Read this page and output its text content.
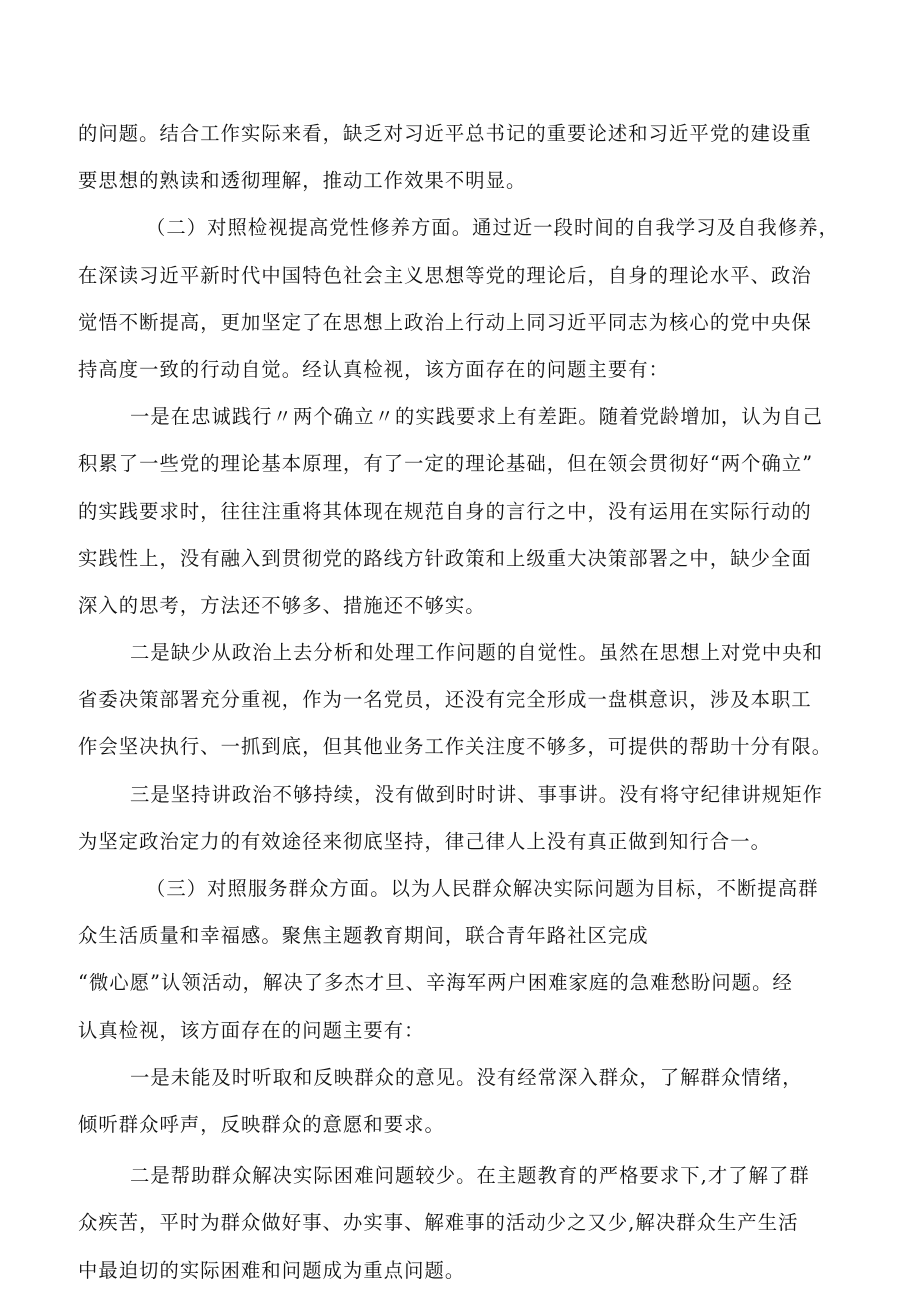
的问题。结合工作实际来看，缺乏对习近平总书记的重要论述和习近平党的建设重
要思想的熟读和透彻理解，推动工作效果不明显。
（二）对照检视提高党性修养方面。通过近一段时间的自我学习及自我修养，
在深读习近平新时代中国特色社会主义思想等党的理论后，自身的理论水平、政治
觉悟不断提高，更加坚定了在思想上政治上行动上同习近平同志为核心的党中央保
持高度一致的行动自觉。经认真检视，该方面存在的问题主要有：
一是在忠诚践行〃两个确立〃的实践要求上有差距。随着党龄增加，认为自己
积累了一些党的理论基本原理，有了一定的理论基础，但在领会贯彻好“两个确立”
的实践要求时，往往注重将其体现在规范自身的言行之中，没有运用在实际行动的
实践性上，没有融入到贯彻党的路线方针政策和上级重大决策部署之中，缺少全面
深入的思考，方法还不够多、措施还不够实。
二是缺少从政治上去分析和处理工作问题的自觉性。虽然在思想上对党中央和
省委决策部署充分重视，作为一名党员，还没有完全形成一盘棋意识，涉及本职工
作会坚决执行、一抓到底，但其他业务工作关注度不够多，可提供的帮助十分有限。
三是坚持讲政治不够持续，没有做到时时讲、事事讲。没有将守纪律讲规矩作
为坚定政治定力的有效途径来彻底坚持，律己律人上没有真正做到知行合一。
（三）对照服务群众方面。以为人民群众解决实际问题为目标，不断提高群
众生活质量和幸福感。聚焦主题教育期间，联合青年路社区完成
“微心愿”认领活动，解决了多杰才旦、辛海军两户困难家庭的急难愁盼问题。经
认真检视，该方面存在的问题主要有：
一是未能及时听取和反映群众的意见。没有经常深入群众，了解群众情绪，
倾听群众呼声，反映群众的意愿和要求。
二是帮助群众解决实际困难问题较少。在主题教育的严格要求下,才了解了群
众疾苦，平时为群众做好事、办实事、解难事的活动少之又少,解决群众生产生活
中最迫切的实际困难和问题成为重点问题。
